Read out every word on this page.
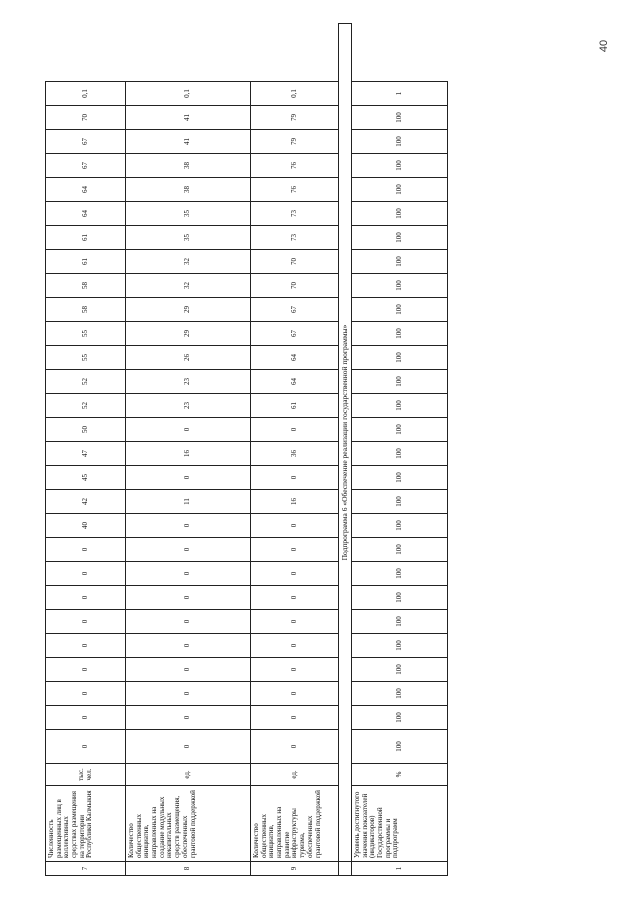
40
7	Численность размещенных лиц в коллективных средствах размещения на территории Республики Калмыкия	тыс. чел.	0	0	0	0	0	0	0	0	0	40	42	45	47	50	52	52	55	55	58	58	61	61	64	64	67	67	70	0,1
8	Количество общественных инициатив, направленных на создание модульных некапитальных средств размещения, обеспеченных грантовой поддержкой	ед.	0	0	0	0	0	0	0	0	0	0	11	0	16	0	23	23	26	29	29	32	32	35	35	38	38	41	41	0,1
9	Количество общественных инициатив, направленных на развитие инфраструктуры туризма, обеспеченных грантовой поддержкой	ед.	0	0	0	0	0	0	0	0	0	0	16	0	36	0	61	64	64	67	67	70	70	73	73	76	76	79	79	0,1
	Подпрограмма 6 «Обеспечение реализации государственной программы»																													
1	Уровень достигнутого значения показателей (индикаторов) Государственной программы и подпрограмм	%	100	100	100	100	100	100	100	100	100	100	100	100	100	100	100	100	100	100	100	100	100	100	100	100	100	100	100	1
